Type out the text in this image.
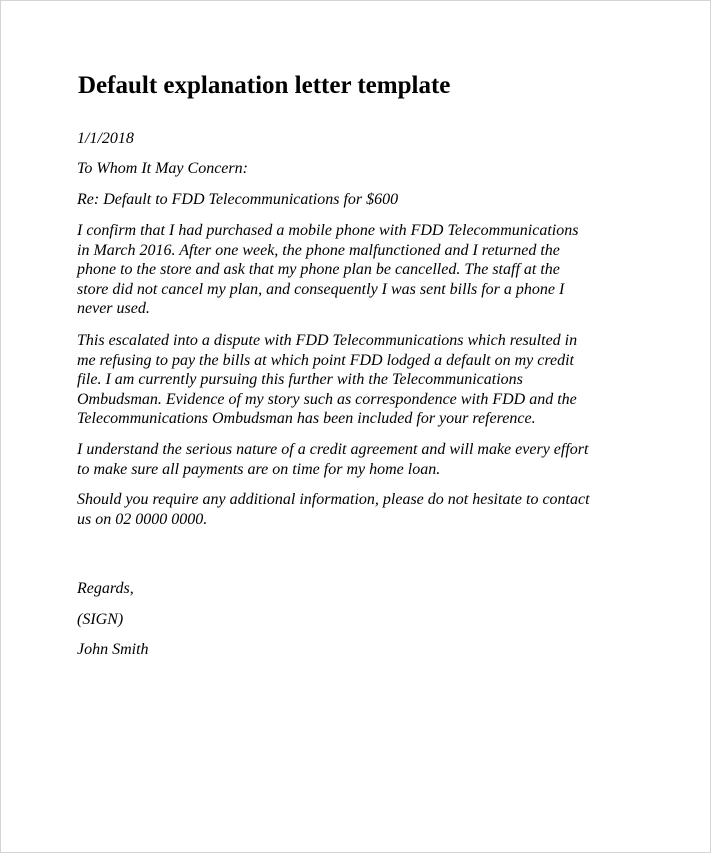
Default explanation letter template

1/1/2018

To Whom It May Concern:

Re: Default to FDD Telecommunications for $600

I confirm that I had purchased a mobile phone with FDD Telecommunications
in March 2016. After one week, the phone malfunctioned and I returned the
phone to the store and ask that my phone plan be cancelled. The staff at the
store did not cancel my plan, and consequently I was sent bills for a phone I
never used.
This escalated into a dispute with FDD Telecommunications which resulted in
me refusing to pay the bills at which point FDD lodged a default on my credit
file. I am currently pursuing this further with the Telecommunications
Ombudsman. Evidence of my story such as correspondence with FDD and the
Telecommunications Ombudsman has been included for your reference.
I understand the serious nature of a credit agreement and will make every effort
to make sure all payments are on time for my home loan.
Should you require any additional information, please do not hesitate to contact
us on 02 0000 0000.

Regards,

(SIGN)

John Smith
